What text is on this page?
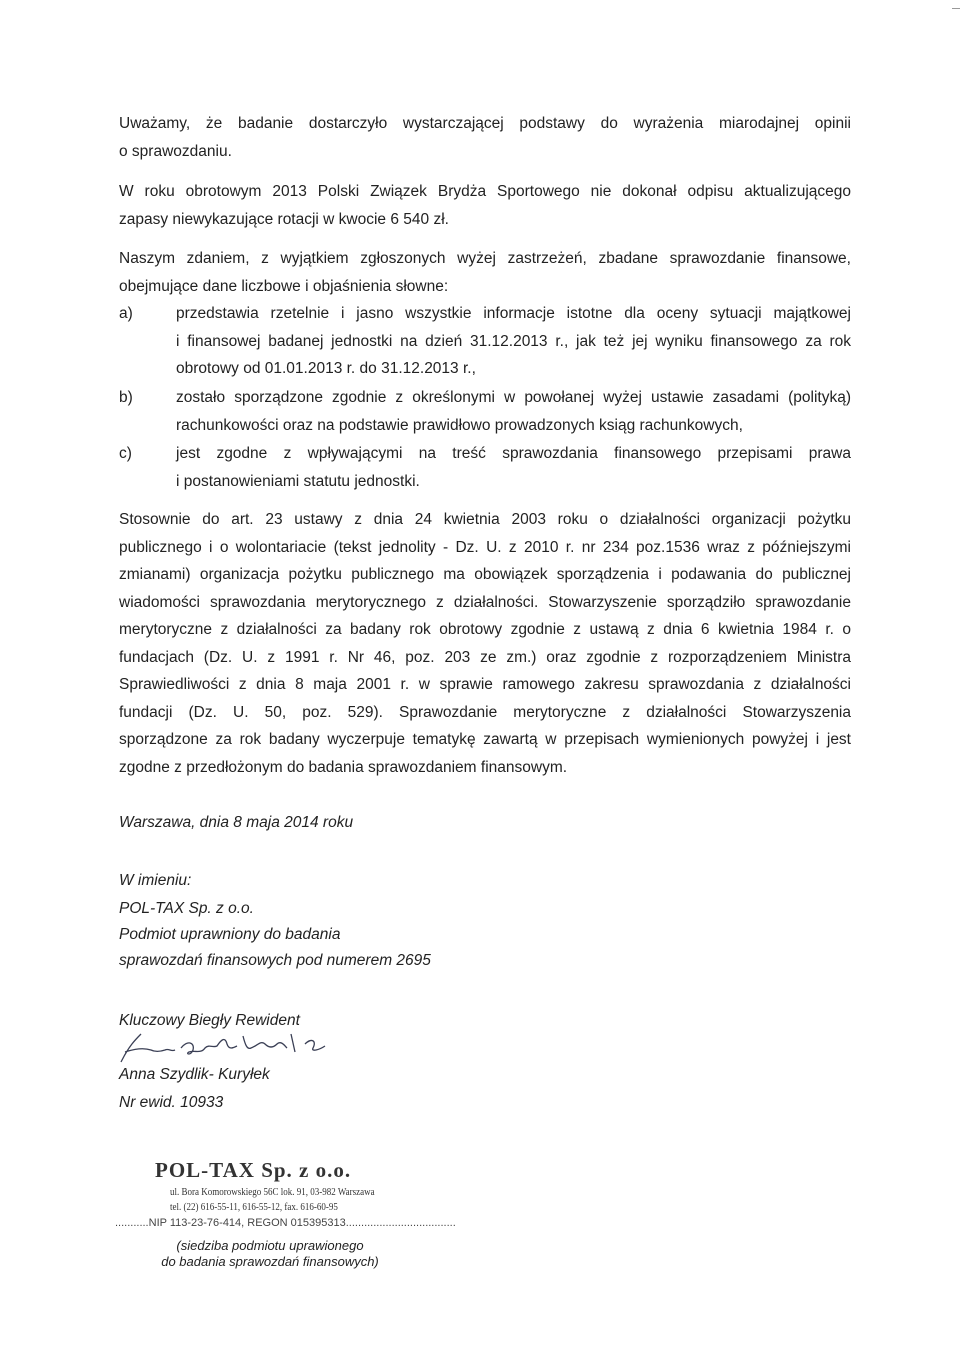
Uważamy, że badanie dostarczyło wystarczającej podstawy do wyrażenia miarodajnej opinii
o sprawozdaniu.
W roku obrotowym 2013 Polski Związek Brydża Sportowego nie dokonał odpisu aktualizującego
zapasy niewykazujące rotacji w kwocie 6 540 zł.
Naszym zdaniem, z wyjątkiem zgłoszonych wyżej zastrzeżeń, zbadane sprawozdanie finansowe,
obejmujące dane liczbowe i objaśnienia słowne:
a)	przedstawia rzetelnie i jasno wszystkie informacje istotne dla oceny sytuacji majątkowej
i finansowej badanej jednostki na dzień 31.12.2013 r., jak też jej wyniku finansowego za rok
obrotowy od 01.01.2013 r. do 31.12.2013 r.,
b)	zostało sporządzone zgodnie z określonymi w powołanej wyżej ustawie zasadami (polityką)
rachunkowości oraz na podstawie prawidłowo prowadzonych ksiąg rachunkowych,
c)	jest zgodne z wpływającymi na treść sprawozdania finansowego przepisami prawa
i postanowieniami statutu jednostki.
Stosownie do art. 23 ustawy z dnia 24 kwietnia 2003 roku o działalności organizacji pożytku
publicznego i o wolontariacie (tekst jednolity - Dz. U. z 2010 r. nr 234 poz.1536 wraz z późniejszymi
zmianami) organizacja pożytku publicznego ma obowiązek sporządzenia i podawania do publicznej
wiadomości sprawozdania merytorycznego z działalności. Stowarzyszenie sporządziło sprawozdanie
merytoryczne z działalności za badany rok obrotowy zgodnie z ustawą z dnia 6 kwietnia 1984 r. o
fundacjach (Dz. U. z 1991 r. Nr 46, poz. 203 ze zm.) oraz zgodnie z rozporządzeniem Ministra
Sprawiedliwości z dnia 8 maja 2001 r. w sprawie ramowego zakresu sprawozdania z działalności
fundacji (Dz. U. 50, poz. 529). Sprawozdanie merytoryczne z działalności Stowarzyszenia
sporządzone za rok badany wyczerpuje tematykę zawartą w przepisach wymienionych powyżej i jest
zgodne z przedłożonym do badania sprawozdaniem finansowym.
Warszawa, dnia 8 maja 2014 roku
W imieniu:
POL-TAX Sp. z o.o.
Podmiot uprawniony do badania
sprawozdań finansowych pod numerem 2695
Kluczowy Biegły Rewident
Anna Szydlik- Kuryłek
Nr ewid. 10933
POL-TAX Sp. z o.o.
ul. Bora Komorowskiego 56C lok. 91, 03-982 Warszawa
tel. (22) 616-55-11, 616-55-12, fax. 616-60-95
...........NIP 113-23-76-414, REGON 015395313....................................
(siedziba podmiotu uprawionego
do badania sprawozdań finansowych)
